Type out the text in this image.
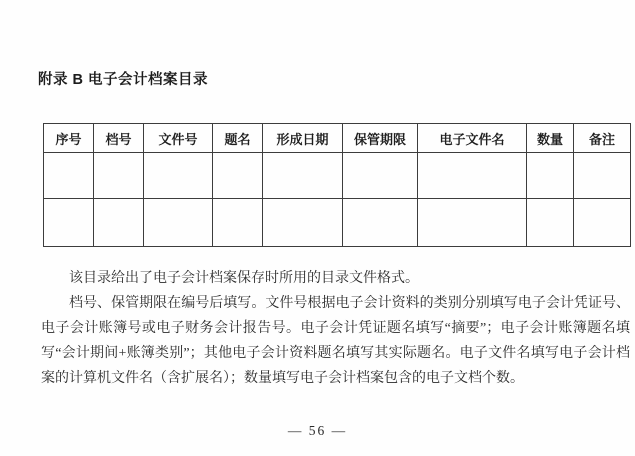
附录 B 电子会计档案目录
序号	档号	文件号	题名	形成日期	保管期限	电子文件名	数量	备注

该目录给出了电子会计档案保存时所用的目录文件格式。

档号、保管期限在编号后填写。文件号根据电子会计资料的类别分别填写电子会计凭证号、电子会计账簿号或电子财务会计报告号。电子会计凭证题名填写“摘要”；电子会计账簿题名填写“会计期间+账簿类别”；其他电子会计资料题名填写其实际题名。电子文件名填写电子会计档案的计算机文件名（含扩展名）；数量填写电子会计档案包含的电子文档个数。

— 56 —
